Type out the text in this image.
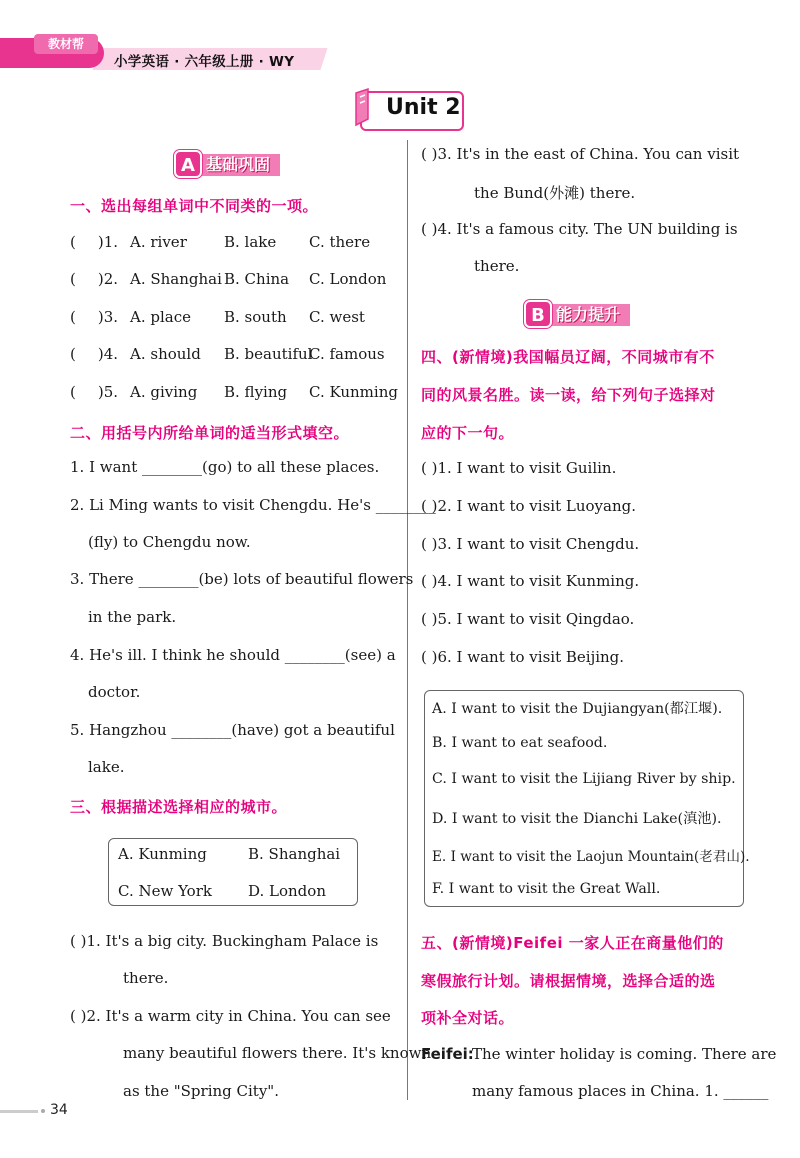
教材帮
小学英语 · 六年级上册 · WY
Unit 2
基础巩固
A
一、选出每组单词中不同类的一项。
( )1. A. river B. lake C. there
( )2. A. Shanghai B. China C. London
( )3. A. place B. south C. west
( )4. A. should B. beautiful
C. famous
( )5. A. giving B. flying C. Kunming
二、用括号内所给单词的适当形式填空。
1. I want ________(go) to all these places.
2. Li Ming wants to visit Chengdu. He's ________
(fly) to Chengdu now.
3. There ________(be) lots of beautiful flowers
in the park.
4. He's ill. I think he should ________(see) a
doctor.
5. Hangzhou ________(have) got a beautiful
lake.
三、根据描述选择相应的城市。
A. Kunming	B. Shanghai
C. New York D. London
( )1. It's a big city. Buckingham Palace is
there.
( )2. It's a warm city in China. You can see
many beautiful flowers there. It's known
as the "Spring City".
( )3. It's in the east of China. You can visit
the Bund(外滩) there.
( )4. It's a famous city. The UN building is
there.
能力提升
B
四、(新情境)我国幅员辽阔，不同城市有不
同的风景名胜。读一读，给下列句子选择对
应的下一句。
( )1. I want to visit Guilin.
( )2. I want to visit Luoyang.
( )3. I want to visit Chengdu.
( )4. I want to visit Kunming.
( )5. I want to visit Qingdao.
( )6. I want to visit Beijing.
A. I want to visit the Dujiangyan(都江堰).
B. I want to eat seafood.
C. I want to visit the Lijiang River by ship.
D. I want to visit the Dianchi Lake(滇池).
E. I want to visit the Laojun Mountain(老君山).
F. I want to visit the Great Wall.
五、(新情境)Feifei 一家人正在商量他们的
寒假旅行计划。请根据情境，选择合适的选
项补全对话。
Feifei:
The winter holiday is coming. There are
many famous places in China. 1. ______
34
